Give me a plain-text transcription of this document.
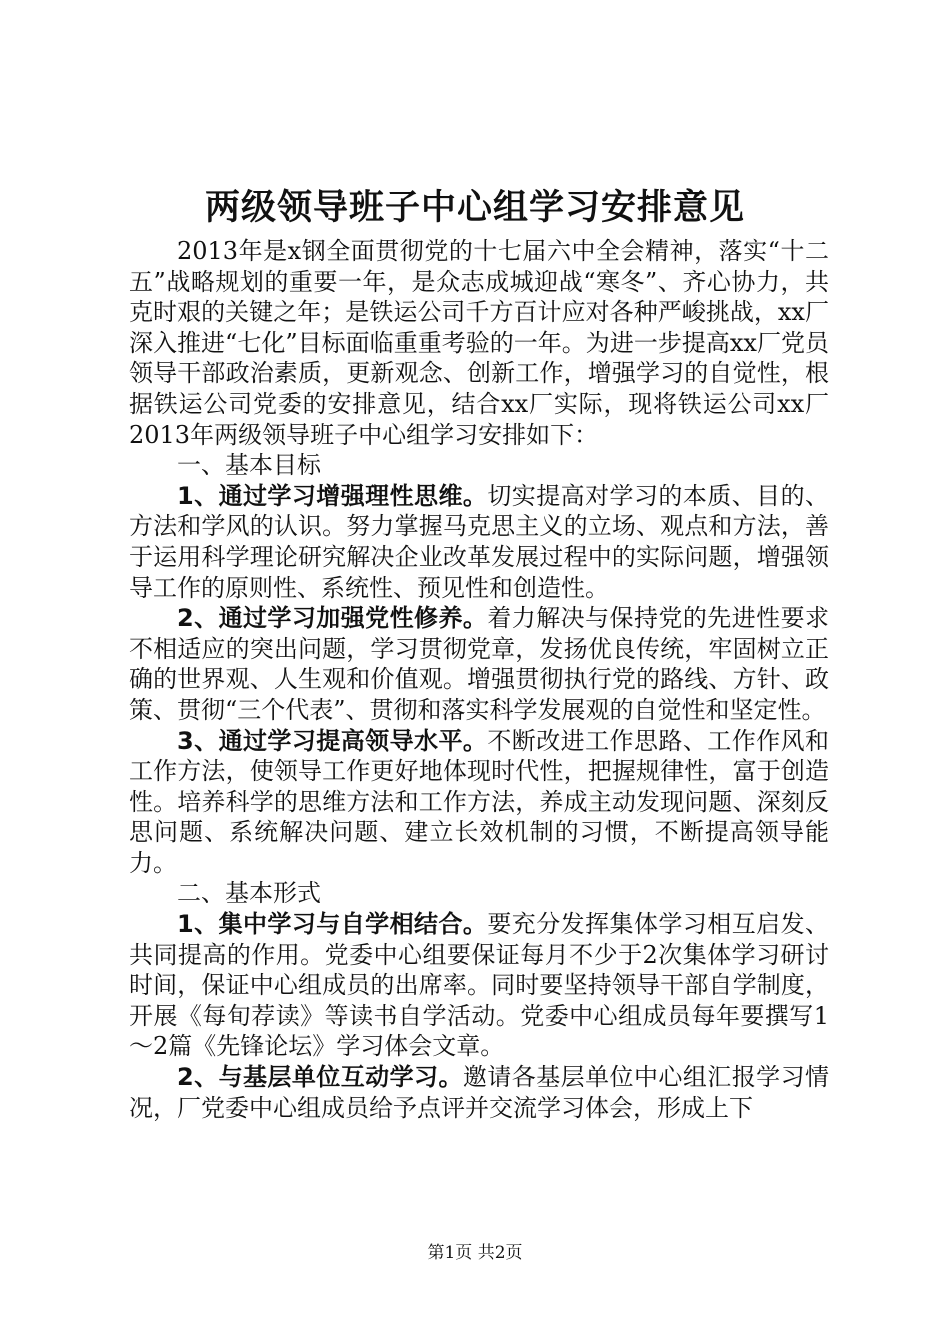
两级领导班子中心组学习安排意见

2013年是x钢全面贯彻党的十七届六中全会精神，落实“十二五”战略规划的重要一年，是众志成城迎战“寒冬”、齐心协力，共克时艰的关键之年；是铁运公司千方百计应对各种严峻挑战，xx厂深入推进“七化”目标面临重重考验的一年。为进一步提高xx厂党员领导干部政治素质，更新观念、创新工作，增强学习的自觉性，根据铁运公司党委的安排意见，结合xx厂实际，现将铁运公司xx厂2013年两级领导班子中心组学习安排如下：

一、基本目标

1、通过学习增强理性思维。切实提高对学习的本质、目的、方法和学风的认识。努力掌握马克思主义的立场、观点和方法，善于运用科学理论研究解决企业改革发展过程中的实际问题，增强领导工作的原则性、系统性、预见性和创造性。

2、通过学习加强党性修养。着力解决与保持党的先进性要求不相适应的突出问题，学习贯彻党章，发扬优良传统，牢固树立正确的世界观、人生观和价值观。增强贯彻执行党的路线、方针、政策、贯彻“三个代表”、贯彻和落实科学发展观的自觉性和坚定性。

3、通过学习提高领导水平。不断改进工作思路、工作作风和工作方法，使领导工作更好地体现时代性，把握规律性，富于创造性。培养科学的思维方法和工作方法，养成主动发现问题、深刻反思问题、系统解决问题、建立长效机制的习惯，不断提高领导能力。

二、基本形式

1、集中学习与自学相结合。要充分发挥集体学习相互启发、共同提高的作用。党委中心组要保证每月不少于2次集体学习研讨时间，保证中心组成员的出席率。同时要坚持领导干部自学制度，开展《每旬荐读》等读书自学活动。党委中心组成员每年要撰写1～2篇《先锋论坛》学习体会文章。

2、与基层单位互动学习。邀请各基层单位中心组汇报学习情况，厂党委中心组成员给予点评并交流学习体会，形成上下

第1页 共2页
